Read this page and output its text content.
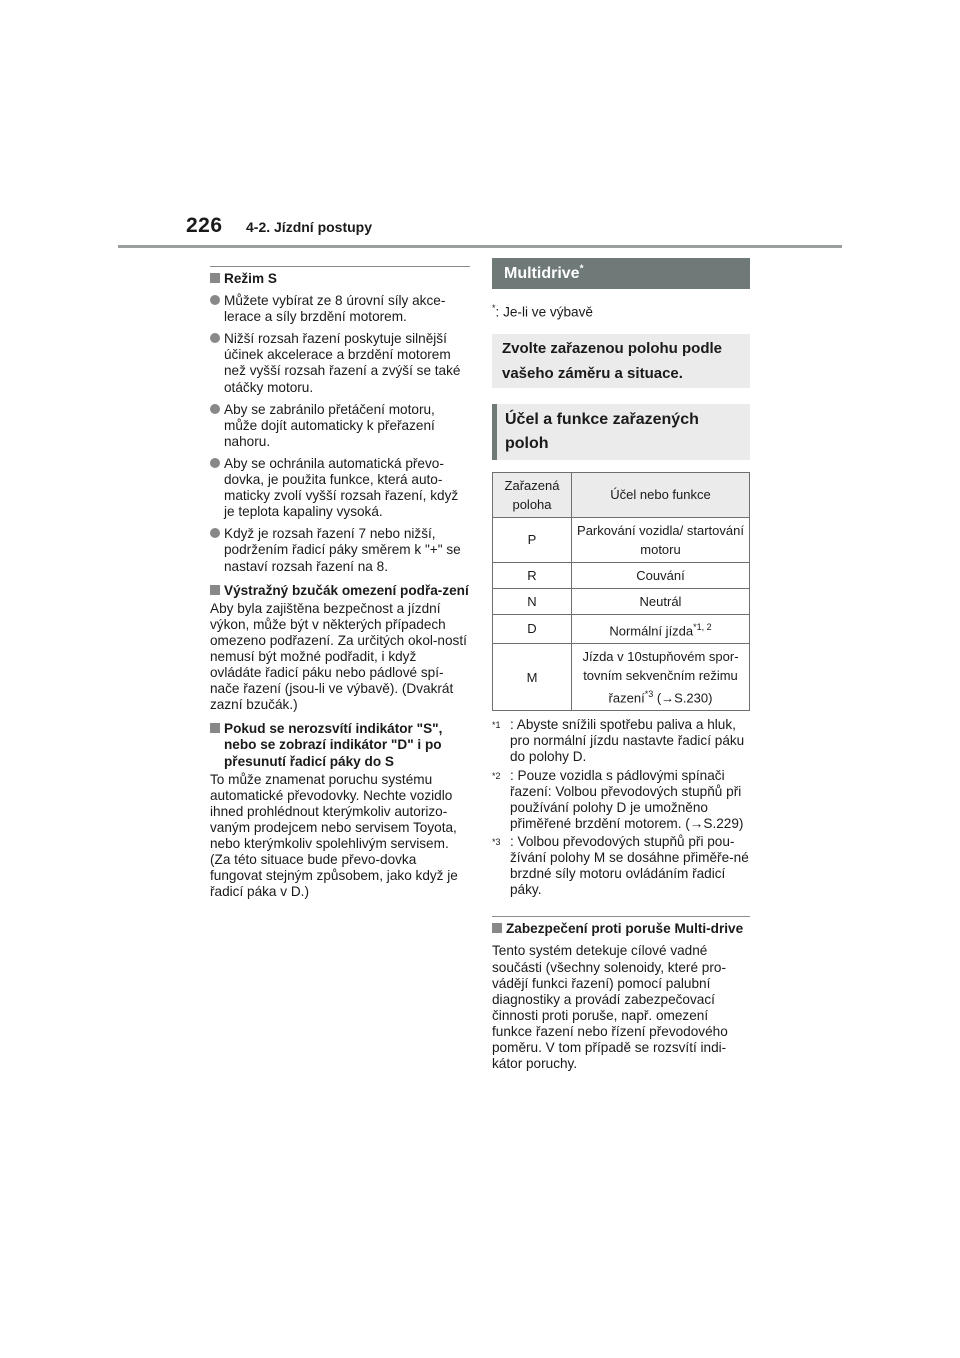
226 4-2. Jízdní postupy
Režim S
Můžete vybírat ze 8 úrovní síly akce-lerace a síly brzdění motorem.
Nižší rozsah řazení poskytuje silnější účinek akcelerace a brzdění motorem než vyšší rozsah řazení a zvýší se také otáčky motoru.
Aby se zabránilo přetáčení motoru, může dojít automaticky k přeřazení nahoru.
Aby se ochránila automatická převo-dovka, je použita funkce, která auto-maticky zvolí vyšší rozsah řazení, když je teplota kapaliny vysoká.
Když je rozsah řazení 7 nebo nižší, podržením řadicí páky směrem k "+" se nastaví rozsah řazení na 8.
Výstražný bzučák omezení podřa-zení
Aby byla zajištěna bezpečnost a jízdní výkon, může být v některých případech omezeno podřazení. Za určitých okol-ností nemusí být možné podřadit, i když ovládáte řadicí páku nebo pádlové spí-nače řazení (jsou-li ve výbavě). (Dvakrát zazní bzučák.)
Pokud se nerozsvítí indikátor "S", nebo se zobrazí indikátor "D" i po přesunutí řadicí páky do S
To může znamenat poruchu systému automatické převodovky. Nechte vozidlo ihned prohlédnout kterýmkoliv autorizo-vaným prodejcem nebo servisem Toyota, nebo kterýmkoliv spolehlivým servisem. (Za této situace bude převo-dovka fungovat stejným způsobem, jako když je řadicí páka v D.)
Multidrive*
*: Je-li ve výbavě
Zvolte zařazenou polohu podle vašeho záměru a situace.
Účel a funkce zařazených poloh
Zařazená poloha	Účel nebo funkce
P	Parkování vozidla/ startování motoru
R	Couvání
N	Neutrál
D	Normální jízda$^{*1, 2}$
M	Jízda v 10stupňovém spor-tovním sekvenčním režimu řazení$^{*3}$ (→S.230)
$^{*1}$ : Abyste snížili spotřebu paliva a hluk, pro normální jízdu nastavte řadicí páku do polohy D.
$^{*2}$ : Pouze vozidla s pádlovými spínači řazení: Volbou převodových stupňů při používání polohy D je umožněno přiměřené brzdění motorem. (→S.229)
$^{*3}$ : Volbou převodových stupňů při pou-žívání polohy M se dosáhne přiměře-né brzdné síly motoru ovládáním řadicí páky.
Zabezpečení proti poruše Multi-drive
Tento systém detekuje cílové vadné součásti (všechny solenoidy, které pro-vádějí funkci řazení) pomocí palubní diagnostiky a provádí zabezpečovací činnosti proti poruše, např. omezení funkce řazení nebo řízení převodového poměru. V tom případě se rozsvítí indi-kátor poruchy.
